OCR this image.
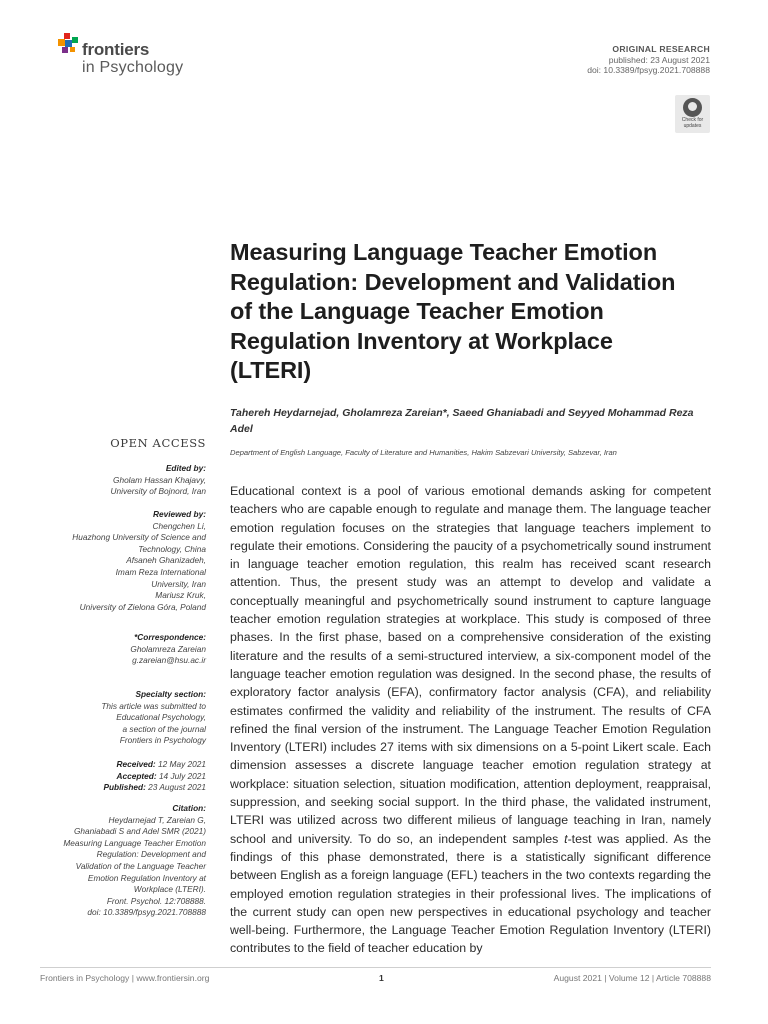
frontiers
in Psychology
ORIGINAL RESEARCH
published: 23 August 2021
doi: 10.3389/fpsyg.2021.708888
Check for updates
Measuring Language Teacher Emotion Regulation: Development and Validation of the Language Teacher Emotion Regulation Inventory at Workplace (LTERI)
Tahereh Heydarnejad, Gholamreza Zareian*, Saeed Ghaniabadi and Seyyed Mohammad Reza Adel
Department of English Language, Faculty of Literature and Humanities, Hakim Sabzevari University, Sabzevar, Iran
OPEN ACCESS
Edited by:
Gholam Hassan Khajavy,
University of Bojnord, Iran
Reviewed by:
Chengchen Li,
Huazhong University of Science and
Technology, China
Afsaneh Ghanizadeh,
Imam Reza International
University, Iran
Mariusz Kruk,
University of Zielona Góra, Poland
*Correspondence:
Gholamreza Zareian
g.zareian@hsu.ac.ir
Specialty section:
This article was submitted to
Educational Psychology,
a section of the journal
Frontiers in Psychology
Received: 12 May 2021
Accepted: 14 July 2021
Published: 23 August 2021
Citation:
Heydarnejad T, Zareian G,
Ghaniabadi S and Adel SMR (2021)
Measuring Language Teacher Emotion
Regulation: Development and
Validation of the Language Teacher
Emotion Regulation Inventory at
Workplace (LTERI).
Front. Psychol. 12:708888.
doi: 10.3389/fpsyg.2021.708888

Educational context is a pool of various emotional demands asking for competent teachers who are capable enough to regulate and manage them. The language teacher emotion regulation focuses on the strategies that language teachers implement to regulate their emotions. Considering the paucity of a psychometrically sound instrument in language teacher emotion regulation, this realm has received scant research attention. Thus, the present study was an attempt to develop and validate a conceptually meaningful and psychometrically sound instrument to capture language teacher emotion regulation strategies at workplace. This study is composed of three phases. In the first phase, based on a comprehensive consideration of the existing literature and the results of a semi-structured interview, a six-component model of the language teacher emotion regulation was designed. In the second phase, the results of exploratory factor analysis (EFA), confirmatory factor analysis (CFA), and reliability estimates confirmed the validity and reliability of the instrument. The results of CFA refined the final version of the instrument. The Language Teacher Emotion Regulation Inventory (LTERI) includes 27 items with six dimensions on a 5-point Likert scale. Each dimension assesses a discrete language teacher emotion regulation strategy at workplace: situation selection, situation modification, attention deployment, reappraisal, suppression, and seeking social support. In the third phase, the validated instrument, LTERI was utilized across two different milieus of language teaching in Iran, namely school and university. To do so, an independent samples t-test was applied. As the findings of this phase demonstrated, there is a statistically significant difference between English as a foreign language (EFL) teachers in the two contexts regarding the employed emotion regulation strategies in their professional lives. The implications of the current study can open new perspectives in educational psychology and teacher well-being. Furthermore, the Language Teacher Emotion Regulation Inventory (LTERI) contributes to the field of teacher education by

Frontiers in Psychology | www.frontiersin.org	1	August 2021 | Volume 12 | Article 708888
